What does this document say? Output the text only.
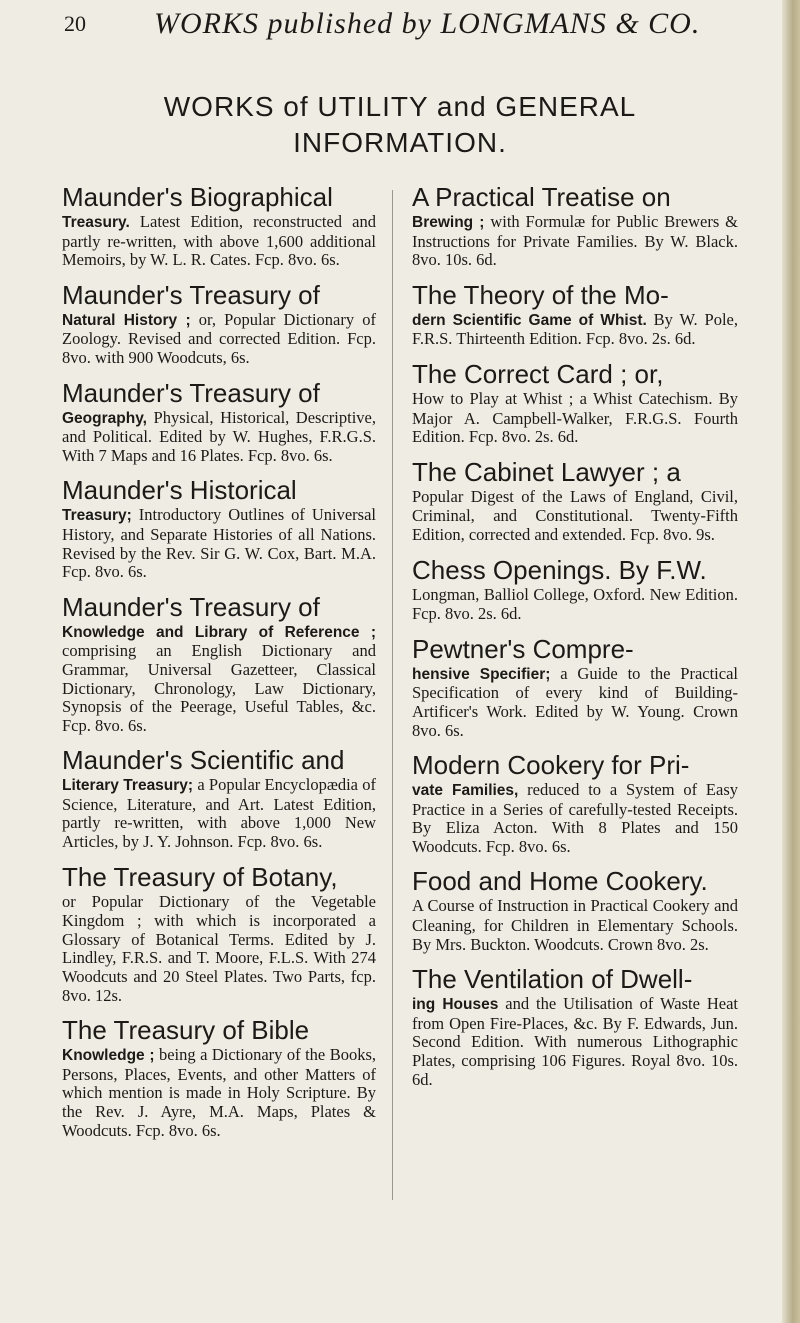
20 WORKS published by LONGMANS & CO.
WORKS of UTILITY and GENERAL
INFORMATION.

Maunder's Biographical

Treasury. Latest Edition, reconstructed and partly re-written, with above 1,600 additional Memoirs, by W. L. R. Cates. Fcp. 8vo. 6s.

Maunder's Treasury of

Natural History ; or, Popular Dictionary of Zoology. Revised and corrected Edition. Fcp. 8vo. with 900 Woodcuts, 6s.

Maunder's Treasury of

Geography, Physical, Historical, Descriptive, and Political. Edited by W. Hughes, F.R.G.S. With 7 Maps and 16 Plates. Fcp. 8vo. 6s.

Maunder's Historical

Treasury; Introductory Outlines of Universal History, and Separate Histories of all Nations. Revised by the Rev. Sir G. W. Cox, Bart. M.A. Fcp. 8vo. 6s.

Maunder's Treasury of

Knowledge and Library of Reference ; comprising an English Dictionary and Grammar, Universal Gazetteer, Classical Dictionary, Chronology, Law Dictionary, Synopsis of the Peerage, Useful Tables, &c. Fcp. 8vo. 6s.

Maunder's Scientific and

Literary Treasury; a Popular Encyclopædia of Science, Literature, and Art. Latest Edition, partly re-written, with above 1,000 New Articles, by J. Y. Johnson. Fcp. 8vo. 6s.

The Treasury of Botany,

or Popular Dictionary of the Vegetable Kingdom ; with which is incorporated a Glossary of Botanical Terms. Edited by J. Lindley, F.R.S. and T. Moore, F.L.S. With 274 Woodcuts and 20 Steel Plates. Two Parts, fcp. 8vo. 12s.

The Treasury of Bible

Knowledge ; being a Dictionary of the Books, Persons, Places, Events, and other Matters of which mention is made in Holy Scripture. By the Rev. J. Ayre, M.A. Maps, Plates & Woodcuts. Fcp. 8vo. 6s.

A Practical Treatise on

Brewing ; with Formulæ for Public Brewers & Instructions for Private Families. By W. Black. 8vo. 10s. 6d.

The Theory of the Mo-

dern Scientific Game of Whist. By W. Pole, F.R.S. Thirteenth Edition. Fcp. 8vo. 2s. 6d.

The Correct Card ; or,

How to Play at Whist ; a Whist Catechism. By Major A. Campbell-Walker, F.R.G.S. Fourth Edition. Fcp. 8vo. 2s. 6d.

The Cabinet Lawyer ; a

Popular Digest of the Laws of England, Civil, Criminal, and Constitutional. Twenty-Fifth Edition, corrected and extended. Fcp. 8vo. 9s.

Chess Openings. By F.W.

Longman, Balliol College, Oxford. New Edition. Fcp. 8vo. 2s. 6d.

Pewtner's Compre-

hensive Specifier; a Guide to the Practical Specification of every kind of Building-Artificer's Work. Edited by W. Young. Crown 8vo. 6s.

Modern Cookery for Pri-

vate Families, reduced to a System of Easy Practice in a Series of carefully-tested Receipts. By Eliza Acton. With 8 Plates and 150 Woodcuts. Fcp. 8vo. 6s.

Food and Home Cookery.

A Course of Instruction in Practical Cookery and Cleaning, for Children in Elementary Schools. By Mrs. Buckton. Woodcuts. Crown 8vo. 2s.

The Ventilation of Dwell-

ing Houses and the Utilisation of Waste Heat from Open Fire-Places, &c. By F. Edwards, Jun. Second Edition. With numerous Lithographic Plates, comprising 106 Figures. Royal 8vo. 10s. 6d.
